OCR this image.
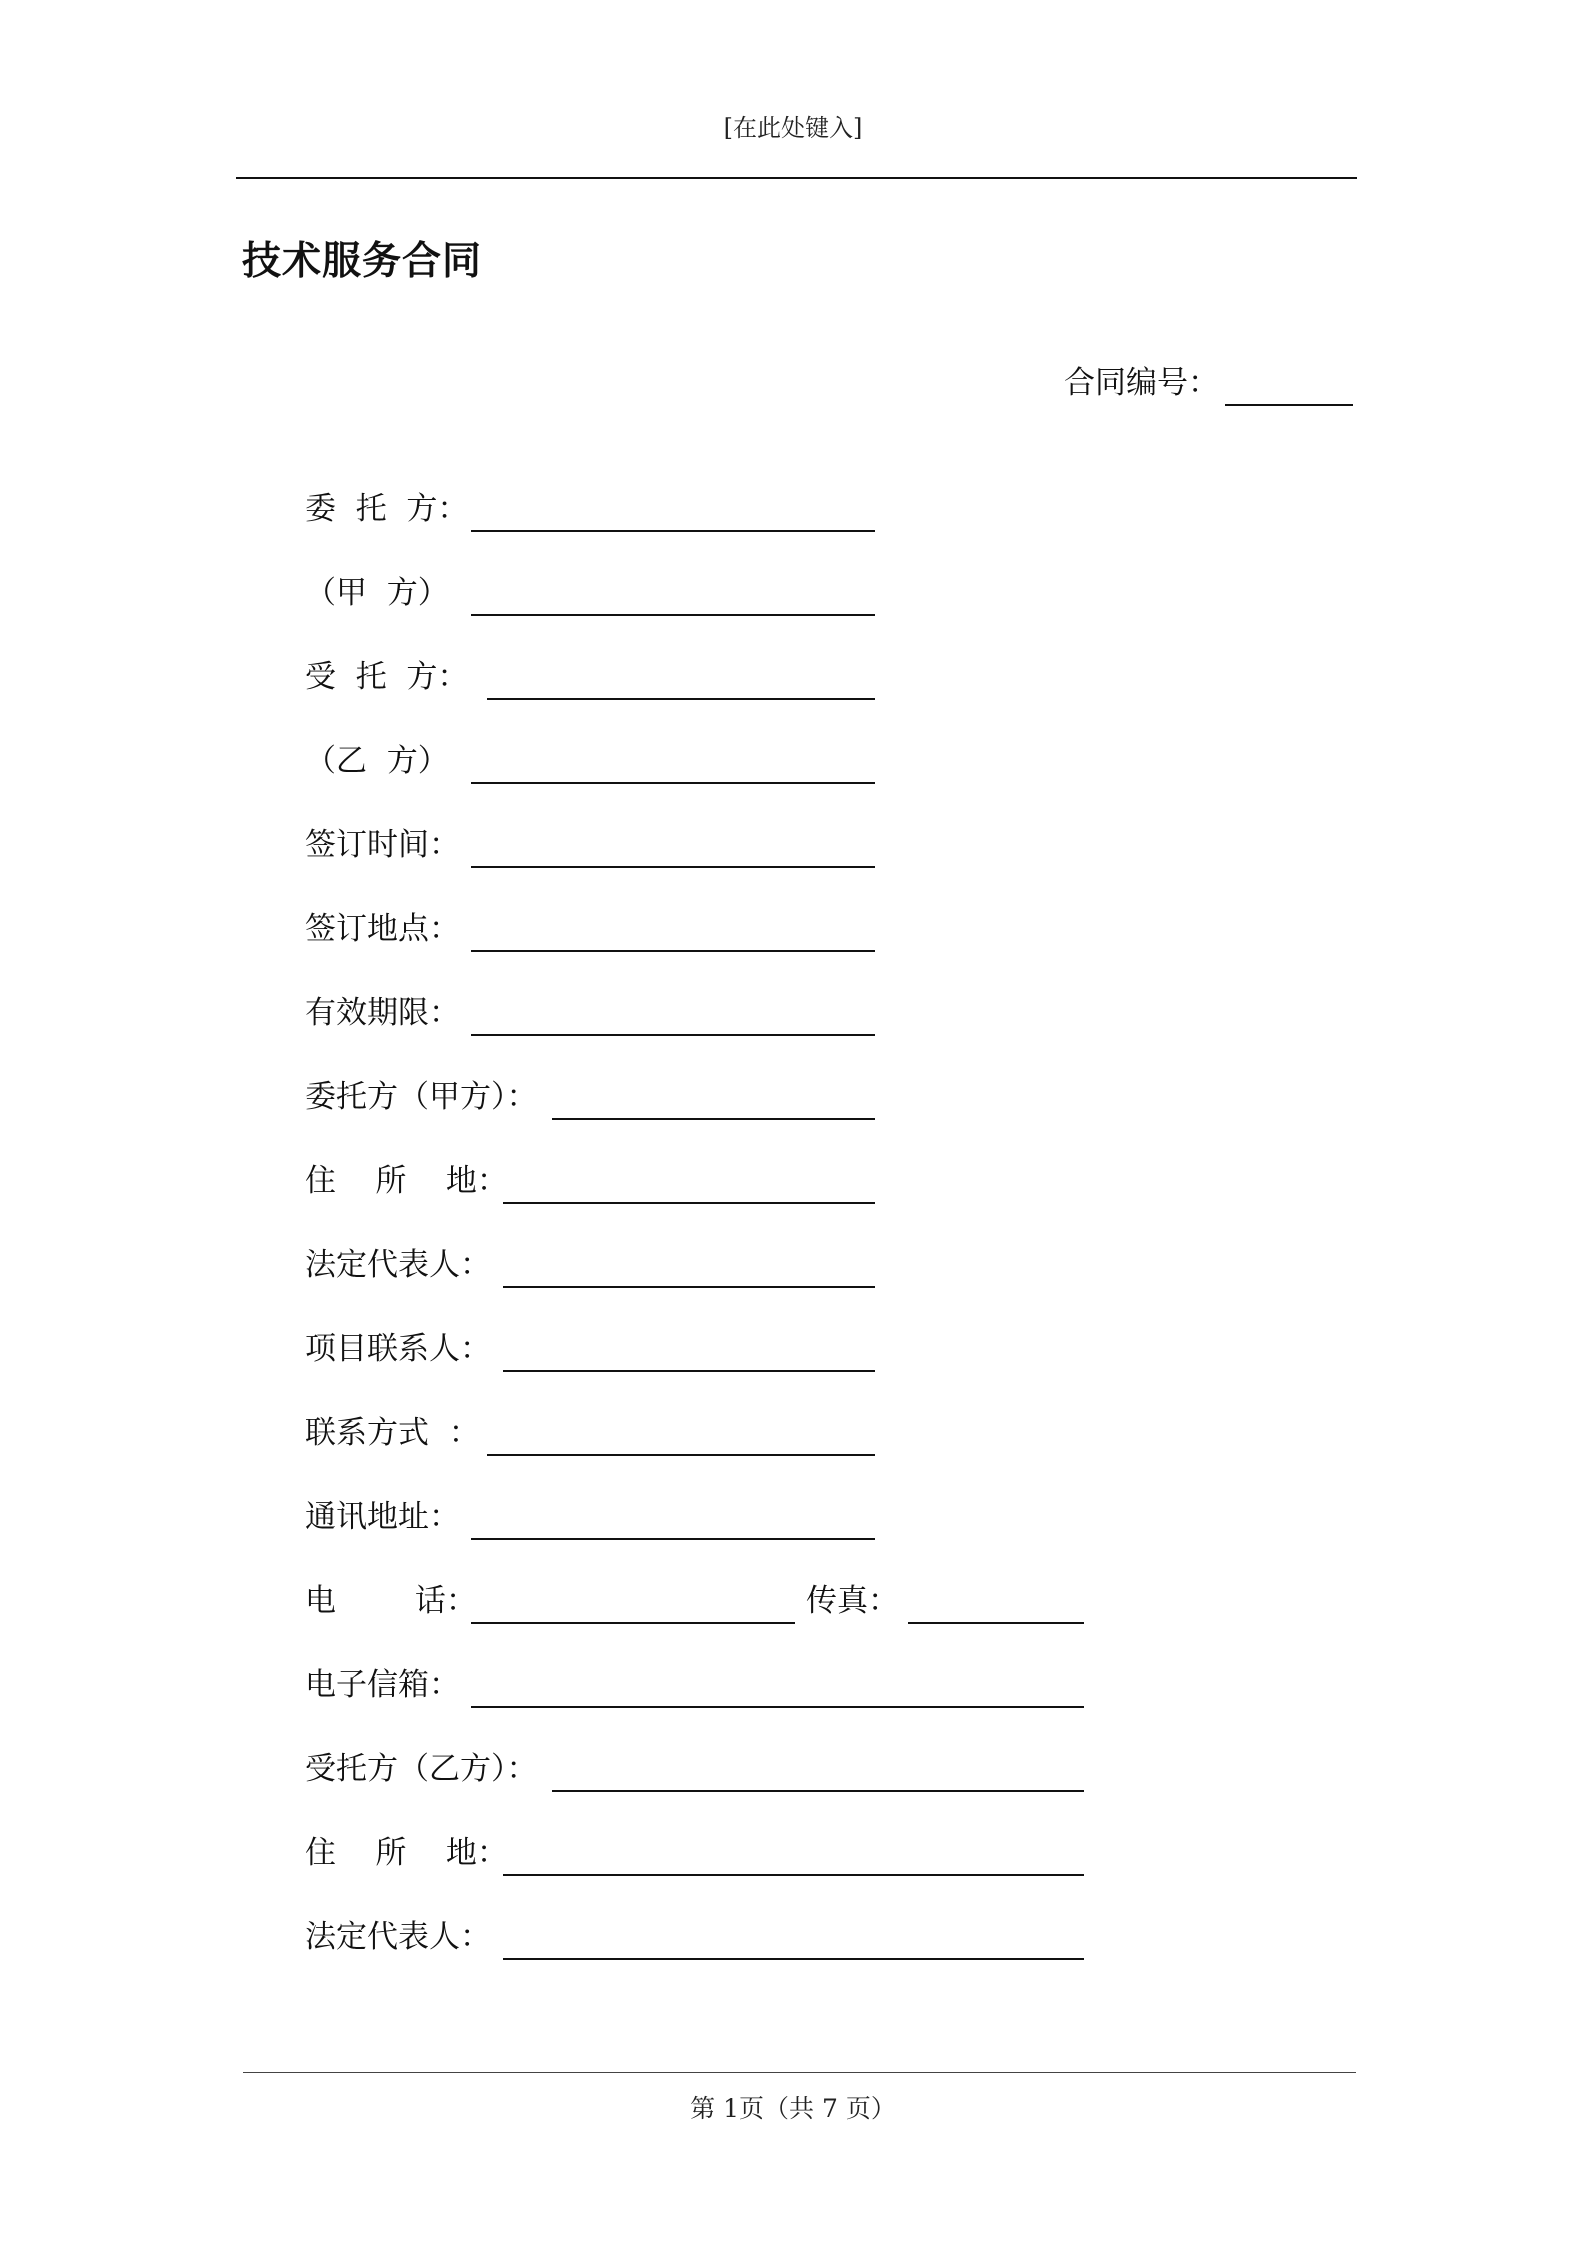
[在此处键入]
技术服务合同
合同编号：
委  托  方：
（甲  方）
受  托  方：
（乙  方）
签订时间：
签订地点：
有效期限：
委托方（甲方）：
住    所    地：
法定代表人：
项目联系人：
联系方式  ：
通讯地址：
电        话：	传真：
电子信箱：
受托方（乙方）：
住    所    地：
法定代表人：
第 1页（共 7 页）
